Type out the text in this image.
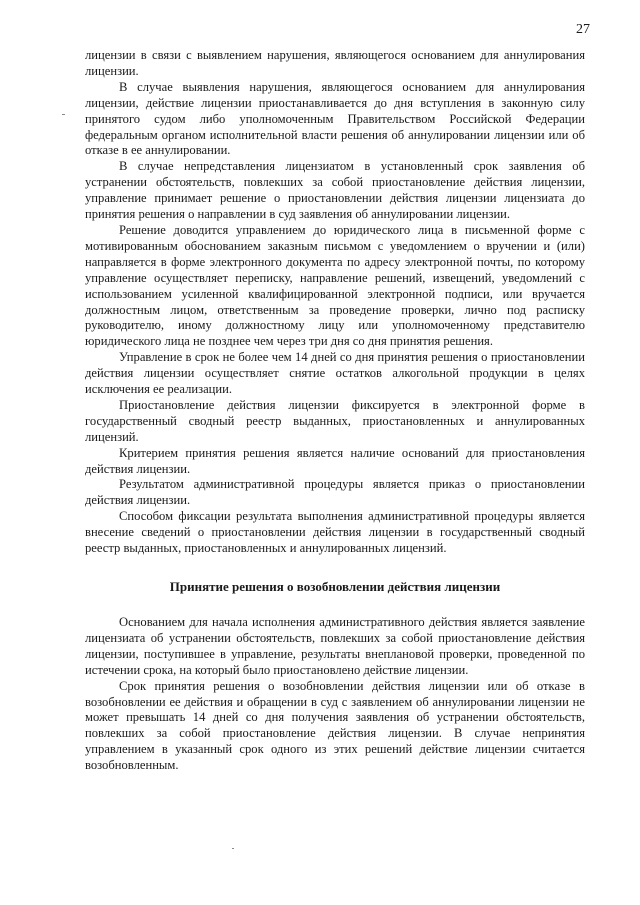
27

лицензии в связи с выявлением нарушения, являющегося основанием для аннулирования лицензии.

В случае выявления нарушения, являющегося основанием для аннулирования лицензии, действие лицензии приостанавливается до дня вступления в законную силу принятого судом либо уполномоченным Правительством Российской Федерации федеральным органом исполнительной власти решения об аннулировании лицензии или об отказе в ее аннулировании.

В случае непредставления лицензиатом в установленный срок заявления об устранении обстоятельств, повлекших за собой приостановление действия лицензии, управление принимает решение о приостановлении действия лицензии лицензиата до принятия решения о направлении в суд заявления об аннулировании лицензии.

Решение доводится управлением до юридического лица в письменной форме с мотивированным обоснованием заказным письмом с уведомлением о вручении и (или) направляется в форме электронного документа по адресу электронной почты, по которому управление осуществляет переписку, направление решений, извещений, уведомлений с использованием усиленной квалифицированной электронной подписи, или вручается должностным лицом, ответственным за проведение проверки, лично под расписку руководителю, иному должностному лицу или уполномоченному представителю юридического лица не позднее чем через три дня со дня принятия решения.

Управление в срок не более чем 14 дней со дня принятия решения о приостановлении действия лицензии осуществляет снятие остатков алкогольной продукции в целях исключения ее реализации.

Приостановление действия лицензии фиксируется в электронной форме в государственный сводный реестр выданных, приостановленных и аннулированных лицензий.

Критерием принятия решения является наличие оснований для приостановления действия лицензии.

Результатом административной процедуры является приказ о приостановлении действия лицензии.

Способом фиксации результата выполнения административной процедуры является внесение сведений о приостановлении действия лицензии в государственный сводный реестр выданных, приостановленных и аннулированных лицензий.

Принятие решения о возобновлении действия лицензии

Основанием для начала исполнения административного действия является заявление лицензиата об устранении обстоятельств, повлекших за собой приостановление действия лицензии, поступившее в управление, результаты внеплановой проверки, проведенной по истечении срока, на который было приостановлено действие лицензии.

Срок принятия решения о возобновлении действия лицензии или об отказе в возобновлении ее действия и обращении в суд с заявлением об аннулировании лицензии не может превышать 14 дней со дня получения заявления об устранении обстоятельств, повлекших за собой приостановление действия лицензии. В случае непринятия управлением в указанный срок одного из этих решений действие лицензии считается возобновленным.
